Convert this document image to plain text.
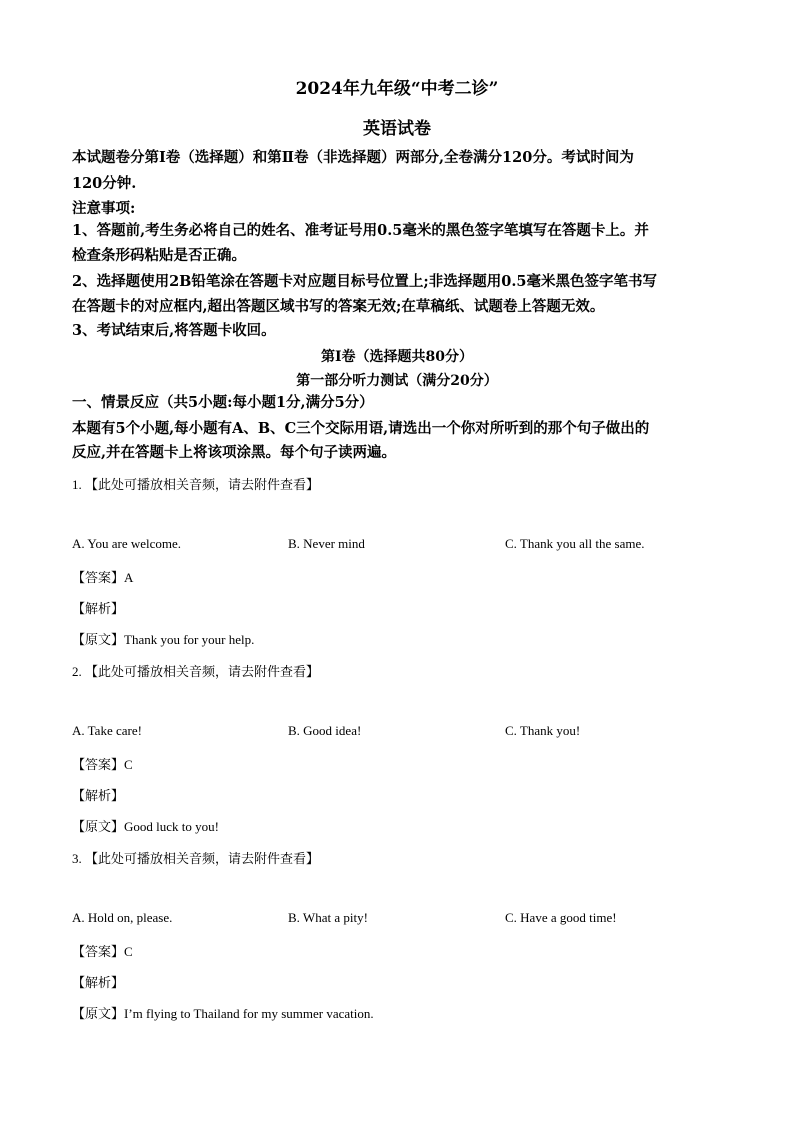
2024年九年级“中考二诊”
英语试卷
本试题卷分第Ⅰ卷（选择题）和第Ⅱ卷（非选择题）两部分,全卷满分120分。考试时间为
120分钟.
注意事项:
1、答题前,考生务必将自己的姓名、准考证号用0.5毫米的黑色签字笔填写在答题卡上。并
检查条形码粘贴是否正确。
2、选择题使用2B铅笔涂在答题卡对应题目标号位置上;非选择题用0.5毫米黑色签字笔书写
在答题卡的对应框内,超出答题区域书写的答案无效;在草稿纸、试题卷上答题无效。
3、考试结束后,将答题卡收回。
第Ⅰ卷（选择题共80分）
第一部分听力测试（满分20分）
一、情景反应（共5小题:每小题1分,满分5分）
本题有5个小题,每小题有A、B、C三个交际用语,请选出一个你对所听到的那个句子做出的
反应,并在答题卡上将该项涂黑。每个句子读两遍。
1. 【此处可播放相关音频，请去附件查看】
A. You are welcome.	B. Never mind	C. Thank you all the same.
【答案】A
【解析】
【原文】Thank you for your help.
2. 【此处可播放相关音频，请去附件查看】
A. Take care!	B. Good idea!	C. Thank you!
【答案】C
【解析】
【原文】Good luck to you!
3. 【此处可播放相关音频，请去附件查看】
A. Hold on, please.	B. What a pity!	C. Have a good time!
【答案】C
【解析】
【原文】I’m flying to Thailand for my summer vacation.
